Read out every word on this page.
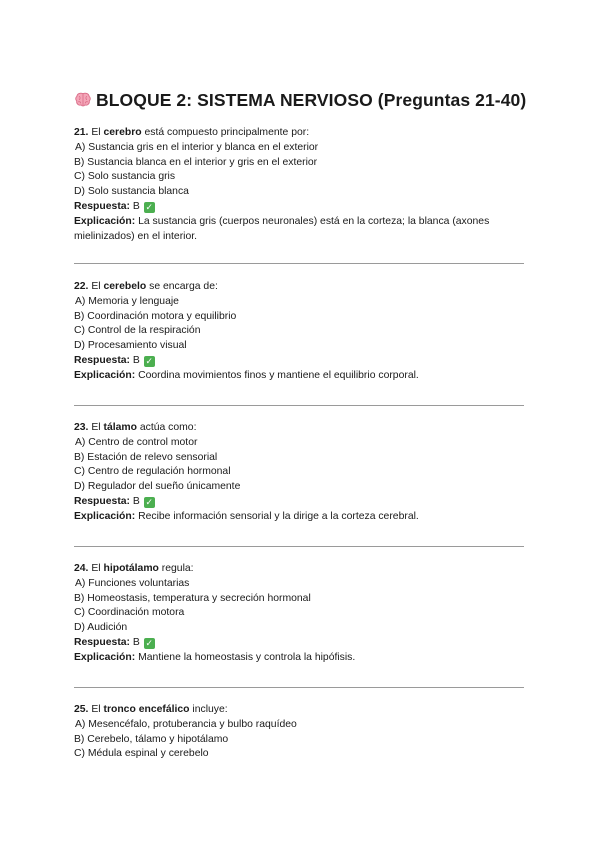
BLOQUE 2: SISTEMA NERVIOSO (Preguntas 21-40)
21. El cerebro está compuesto principalmente por:
A) Sustancia gris en el interior y blanca en el exterior
B) Sustancia blanca en el interior y gris en el exterior
C) Solo sustancia gris
D) Solo sustancia blanca
Respuesta: B ✓
Explicación: La sustancia gris (cuerpos neuronales) está en la corteza; la blanca (axones mielinizados) en el interior.
22. El cerebelo se encarga de:
A) Memoria y lenguaje
B) Coordinación motora y equilibrio
C) Control de la respiración
D) Procesamiento visual
Respuesta: B ✓
Explicación: Coordina movimientos finos y mantiene el equilibrio corporal.
23. El tálamo actúa como:
A) Centro de control motor
B) Estación de relevo sensorial
C) Centro de regulación hormonal
D) Regulador del sueño únicamente
Respuesta: B ✓
Explicación: Recibe información sensorial y la dirige a la corteza cerebral.
24. El hipotálamo regula:
A) Funciones voluntarias
B) Homeostasis, temperatura y secreción hormonal
C) Coordinación motora
D) Audición
Respuesta: B ✓
Explicación: Mantiene la homeostasis y controla la hipófisis.
25. El tronco encefálico incluye:
A) Mesencéfalo, protuberancia y bulbo raquídeo
B) Cerebelo, tálamo y hipotálamo
C) Médula espinal y cerebelo
